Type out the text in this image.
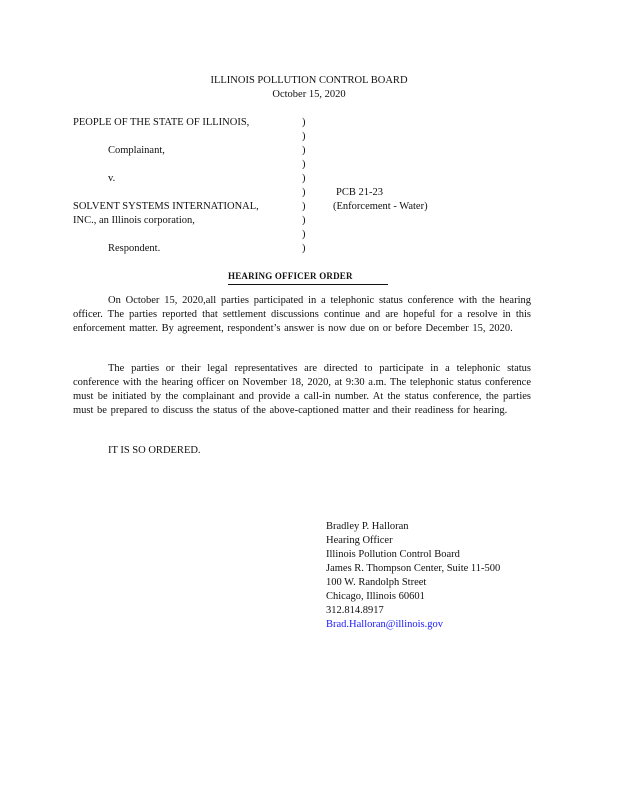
ILLINOIS POLLUTION CONTROL BOARD
October 15, 2020
PEOPLE OF THE STATE OF ILLINOIS,
Complainant,
v.
SOLVENT SYSTEMS INTERNATIONAL,
INC., an Illinois corporation,
Respondent.
)
)
)
)
)
)
)
)
)
)
PCB 21-23
(Enforcement - Water)
HEARING OFFICER ORDER
On October 15, 2020,all parties participated in a telephonic status conference with the hearing officer. The parties reported that settlement discussions continue and are hopeful for a resolve in this enforcement matter. By agreement, respondent’s answer is now due on or before December 15, 2020.
The parties or their legal representatives are directed to participate in a telephonic status conference with the hearing officer on November 18, 2020, at 9:30 a.m. The telephonic status conference must be initiated by the complainant and provide a call-in number. At the status conference, the parties must be prepared to discuss the status of the above-captioned matter and their readiness for hearing.
IT IS SO ORDERED.
Bradley P. Halloran
Hearing Officer
Illinois Pollution Control Board
James R. Thompson Center, Suite 11-500
100 W. Randolph Street
Chicago, Illinois 60601
312.814.8917
Brad.Halloran@illinois.gov
